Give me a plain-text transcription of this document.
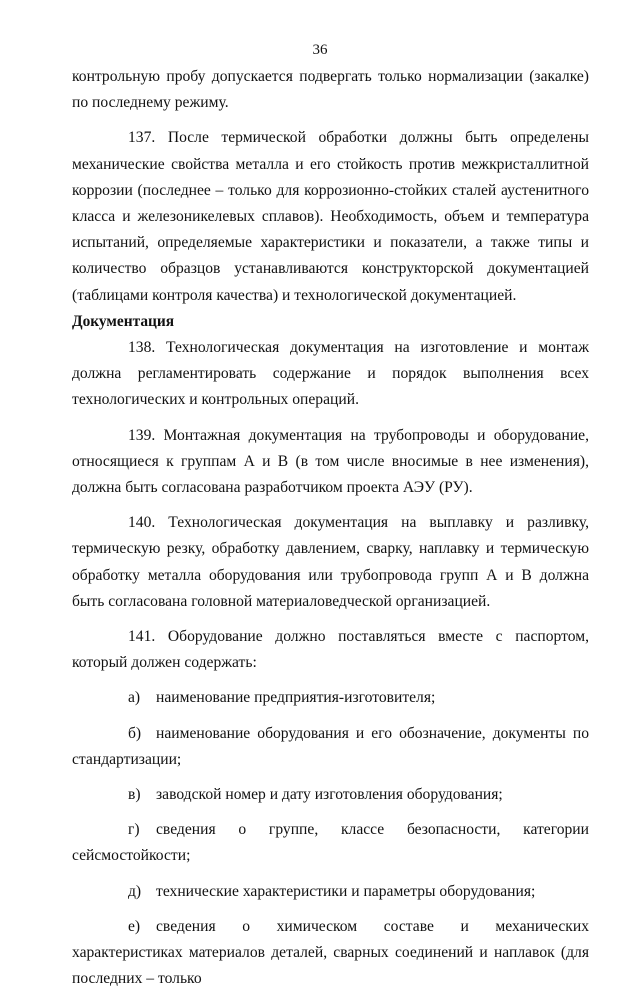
36

контрольную пробу допускается подвергать только нормализации (закалке) по последнему режиму.

137. После термической обработки должны быть определены механические свойства металла и его стойкость против межкристаллитной коррозии (последнее – только для коррозионно-стойких сталей аустенитного класса и железоникелевых сплавов). Необходимость, объем и температура испытаний, определяемые характеристики и показатели, а также типы и количество образцов устанавливаются конструкторской документацией (таблицами контроля качества) и технологической документацией.

Документация

138. Технологическая документация на изготовление и монтаж должна регламентировать содержание и порядок выполнения всех технологических и контрольных операций.

139. Монтажная документация на трубопроводы и оборудование, относящиеся к группам А и В (в том числе вносимые в нее изменения), должна быть согласована разработчиком проекта АЭУ (РУ).

140. Технологическая документация на выплавку и разливку, термическую резку, обработку давлением, сварку, наплавку и термическую обработку металла оборудования или трубопровода групп А и В должна быть согласована головной материаловедческой организацией.

141. Оборудование должно поставляться вместе с паспортом, который должен содержать:

а) наименование предприятия-изготовителя;

б) наименование оборудования и его обозначение, документы по стандартизации;

в) заводской номер и дату изготовления оборудования;

г) сведения о группе, классе безопасности, категории сейсмостойкости;

д) технические характеристики и параметры оборудования;

е) сведения о химическом составе и механических характеристиках материалов деталей, сварных соединений и наплавок (для последних – только
